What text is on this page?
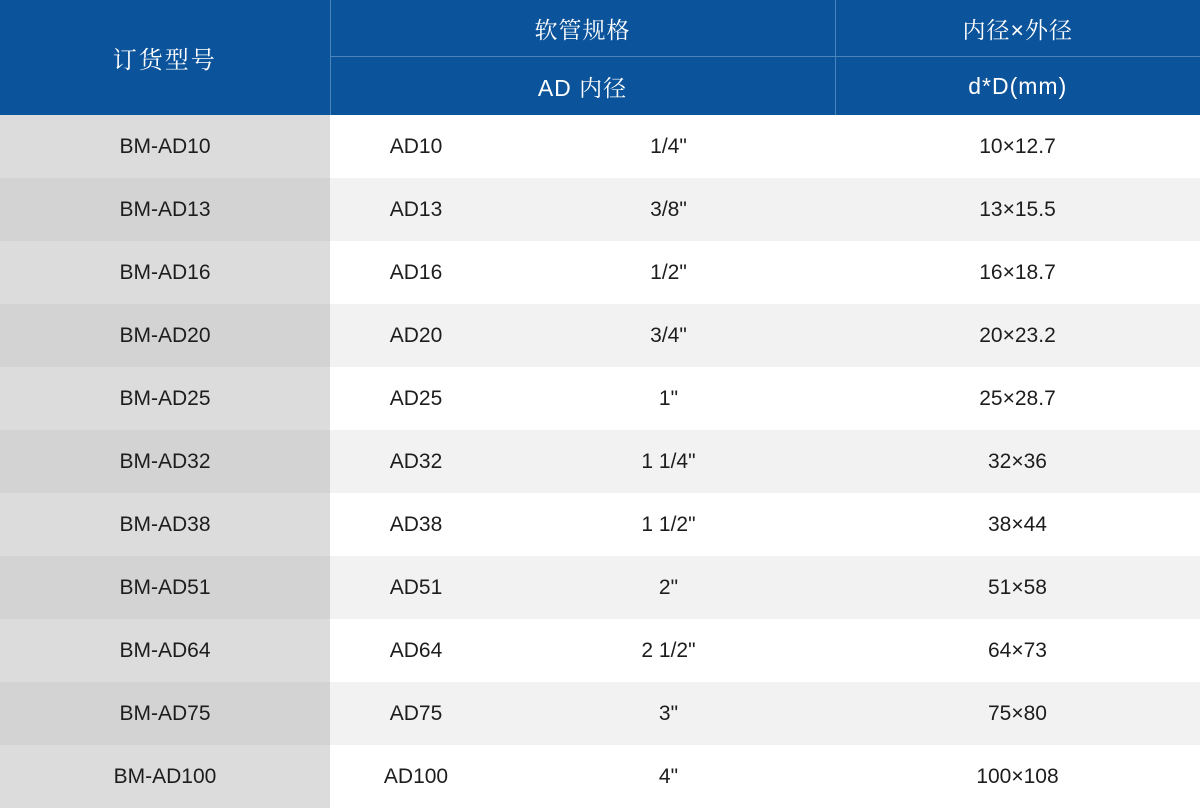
订货型号	软管规格		内径×外径
	AD 内径		d*D(mm)
BM-AD10	AD10	1/4"	10×12.7
BM-AD13	AD13	3/8"	13×15.5
BM-AD16	AD16	1/2"	16×18.7
BM-AD20	AD20	3/4"	20×23.2
BM-AD25	AD25	1"	25×28.7
BM-AD32	AD32	1 1/4"	32×36
BM-AD38	AD38	1 1/2"	38×44
BM-AD51	AD51	2"	51×58
BM-AD64	AD64	2 1/2"	64×73
BM-AD75	AD75	3"	75×80
BM-AD100	AD100	4"	100×108
